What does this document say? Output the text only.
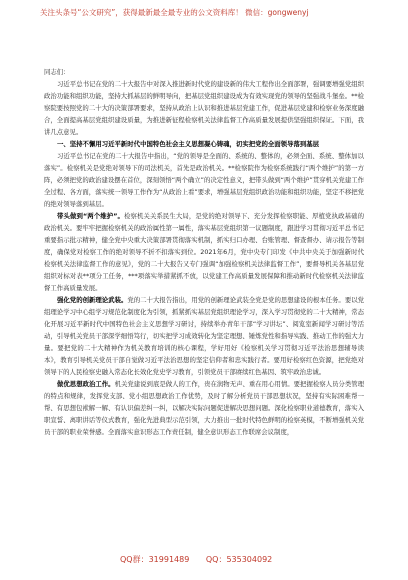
关注头条号“公文研究”，获得最新最全最专业的公文资料库！ 微信：gongwenyj

同志们：

习近平总书记在党的二十大报告中对深入推进新时代党的建设新的伟大工程作出全面部署，强调要增强党组织政治功能和组织功能，坚持大抓基层的鲜明导向，把基层党组织建设成为有效实现党的领导的坚强战斗堡垒。**检察院要按照党的二十大的决策部署要求，坚持从政治上认识和推进基层党建工作，促进基层党建和检察业务深度融合，全面提高基层党组织建设质量，为推进新征程检察机关法律监督工作高质量发展提供坚强组织保证。下面，我讲几点意见。

一、坚持不懈用习近平新时代中国特色社会主义思想凝心铸魂，切实把党的全面领导落到基层

习近平总书记在党的二十大报告中指出，“党的领导是全面的、系统的、整体的，必须全面、系统、整体加以落实”。检察机关是党绝对领导下的司法机关，首先是政治机关。**检察院作为检察系统践行“两个维护”的第一方阵，必须把党的政治建设摆在首位，深刻领悟“两个确立”的决定性意义，把带头做到“两个维护”贯穿机关党建工作全过程、各方面，落实统一领导工作作为“从政治上看”要求，增强基层党组织政治功能和组织功能，坚定不移把党的绝对领导落到基层。

带头做到“两个维护”。检察机关关系民生大局，是党的绝对领导下、充分发挥检察职能、厚植党执政基础的政治机关。要牢牢把握检察机关的政治属性第一属性，落实基层党组织第一议题制度，跟进学习贯彻习近平总书记重要指示批示精神，健全党中央重大决策部署贯彻落实机制，抓实归口办理、台账管理、督查督办、请示报告等制度，确保党对检察工作的绝对领导不折不扣落实到位。2021年6月，党中央专门印发《中共中央关于加强新时代检察机关法律监督工作的意见》，党的二十大报告又专门强调“加强检察机关法律监督工作”，要督导机关各基层党组织对标对表**项分工任务，***项落实举措紧抓不放，以党建工作高质量发展保障和推动新时代检察机关法律监督工作高质量发展。

强化党的创新理论武装。党的二十大报告指出，用党的创新理论武装全党是党的思想建设的根本任务。要以党组理论学习中心组学习规范化制度化为引领，抓紧抓实基层党组织理论学习，深入学习贯彻党的二十大精神，常态化开展习近平新时代中国特色社会主义思想学习研讨，持续举办青年干部“学习讲坛”、阅览室新闻学习研讨等活动，引导机关党员干部深学细悟笃行，切实把学习成效转化为坚定理想、锤炼党性和指导实践、推动工作的强大力量。要把党的二十大精神作为机关教育培训的核心课程，学好用好《检察机关学习贯彻习近平法治思想辅导读本》，教育引导机关党员干部自觉做习近平法治思想的坚定信仰者和忠实践行者。要用好检察红色资源，把党绝对领导下的人民检察史融入常态化长效化党史学习教育，引领党员干部赓续红色基因、筑牢政治忠诚。

做优思想政治工作。机关党建说到底是做人的工作，贵在润物无声、重在用心用情。要把握检察人员分类管理的特点和规律，发挥党支部、党小组思想政治工作优势，及时了解分析党员干部思想状况，坚持有实际困难帮一帮、有思想包袱解一解、有认识偏差纠一纠，以解决实际问题促进解决思想问题。深化检察职业道德教育，落实入职宣誓、离职讲话等仪式教育，强化先进典型示范引领，大力推出一批时代特色鲜明的检察英模，不断增强机关党员干部的职业荣誉感。全面落实意识形态工作责任制，健全意识形态工作联席会议制度，

QQ群：31991489 QQ：535304092
